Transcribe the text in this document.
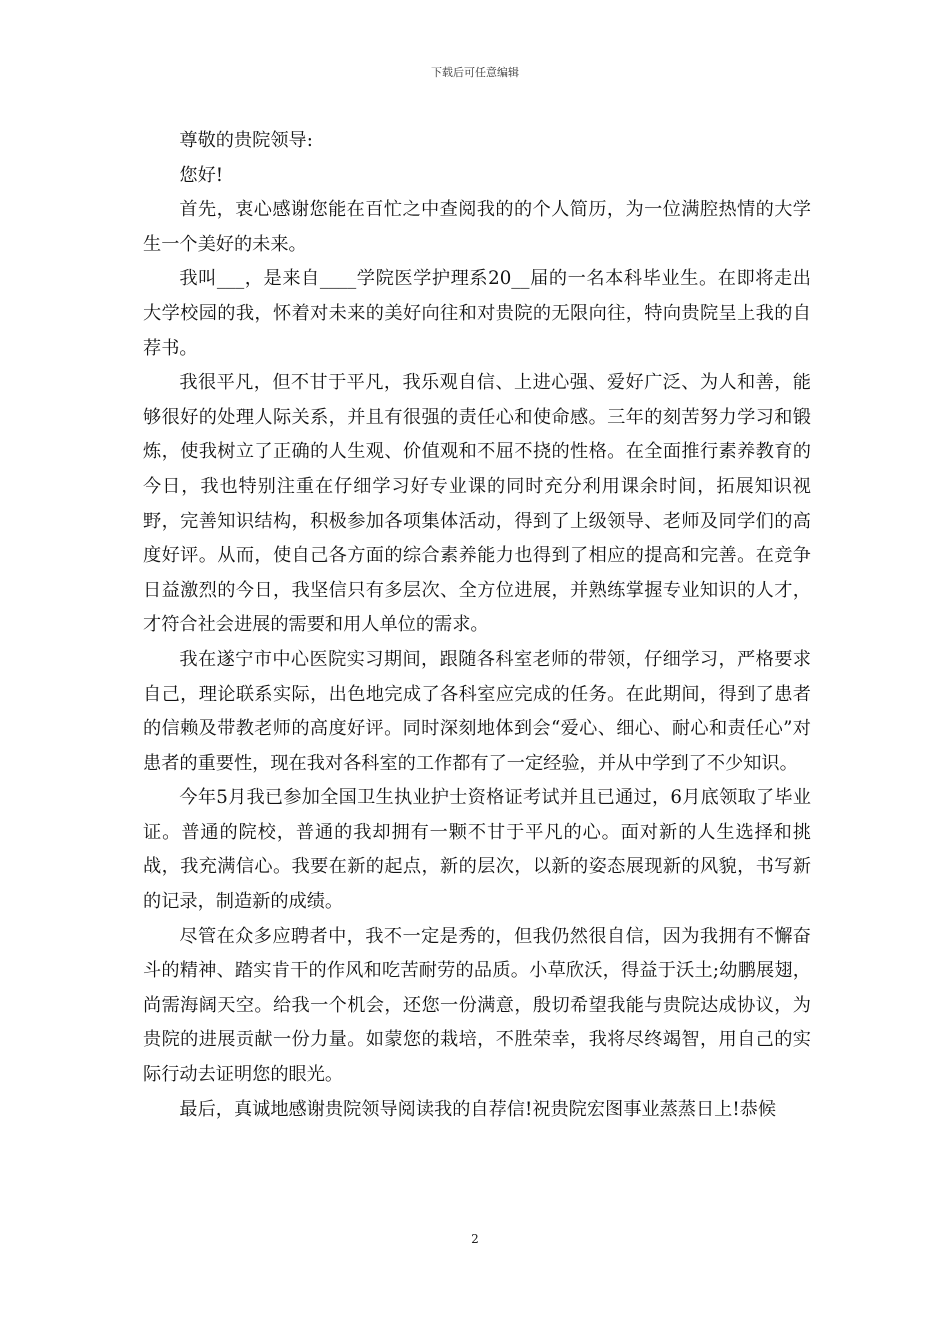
下载后可任意编辑

尊敬的贵院领导:

您好!

首先，衷心感谢您能在百忙之中查阅我的的个人简历，为一位满腔热情的大学生一个美好的未来。

我叫___，是来自____学院医学护理系20__届的一名本科毕业生。在即将走出大学校园的我，怀着对未来的美好向往和对贵院的无限向往，特向贵院呈上我的自荐书。

我很平凡，但不甘于平凡，我乐观自信、上进心强、爱好广泛、为人和善，能够很好的处理人际关系，并且有很强的责任心和使命感。三年的刻苦努力学习和锻炼，使我树立了正确的人生观、价值观和不屈不挠的性格。在全面推行素养教育的今日，我也特别注重在仔细学习好专业课的同时充分利用课余时间，拓展知识视野，完善知识结构，积极参加各项集体活动，得到了上级领导、老师及同学们的高度好评。从而，使自己各方面的综合素养能力也得到了相应的提高和完善。在竞争日益激烈的今日，我坚信只有多层次、全方位进展，并熟练掌握专业知识的人才，才符合社会进展的需要和用人单位的需求。

我在遂宁市中心医院实习期间，跟随各科室老师的带领，仔细学习，严格要求自己，理论联系实际，出色地完成了各科室应完成的任务。在此期间，得到了患者的信赖及带教老师的高度好评。同时深刻地体到会“爱心、细心、耐心和责任心”对患者的重要性，现在我对各科室的工作都有了一定经验，并从中学到了不少知识。

今年5月我已参加全国卫生执业护士资格证考试并且已通过，6月底领取了毕业证。普通的院校，普通的我却拥有一颗不甘于平凡的心。面对新的人生选择和挑战，我充满信心。我要在新的起点，新的层次，以新的姿态展现新的风貌，书写新的记录，制造新的成绩。

尽管在众多应聘者中，我不一定是秀的，但我仍然很自信，因为我拥有不懈奋斗的精神、踏实肯干的作风和吃苦耐劳的品质。小草欣沃，得益于沃土;幼鹏展翅，尚需海阔天空。给我一个机会，还您一份满意，殷切希望我能与贵院达成协议，为贵院的进展贡献一份力量。如蒙您的栽培，不胜荣幸，我将尽终竭智，用自己的实际行动去证明您的眼光。

最后，真诚地感谢贵院领导阅读我的自荐信!祝贵院宏图事业蒸蒸日上!恭候

2
